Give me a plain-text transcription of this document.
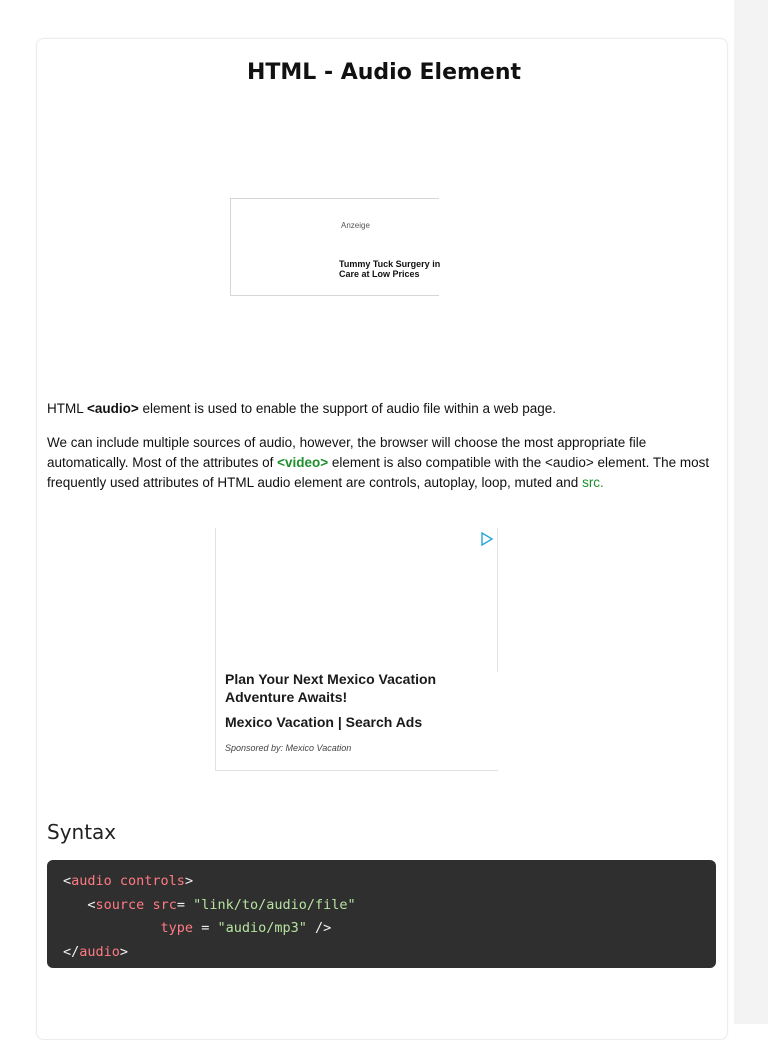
HTML - Audio Element
Anzeige
Tummy Tuck Surgery in
Care at Low Prices

HTML <audio> element is used to enable the support of audio file within a web page.

We can include multiple sources of audio, however, the browser will choose the most appropriate file automatically. Most of the attributes of <video> element is also compatible with the <audio> element. The most frequently used attributes of HTML audio element are controls, autoplay, loop, muted and src.

Plan Your Next Mexico Vacation
Adventure Awaits!
Mexico Vacation | Search Ads
Sponsored by: Mexico Vacation
Syntax
<audio controls>
<source src= "link/to/audio/file"
type = "audio/mp3" />
</audio>
